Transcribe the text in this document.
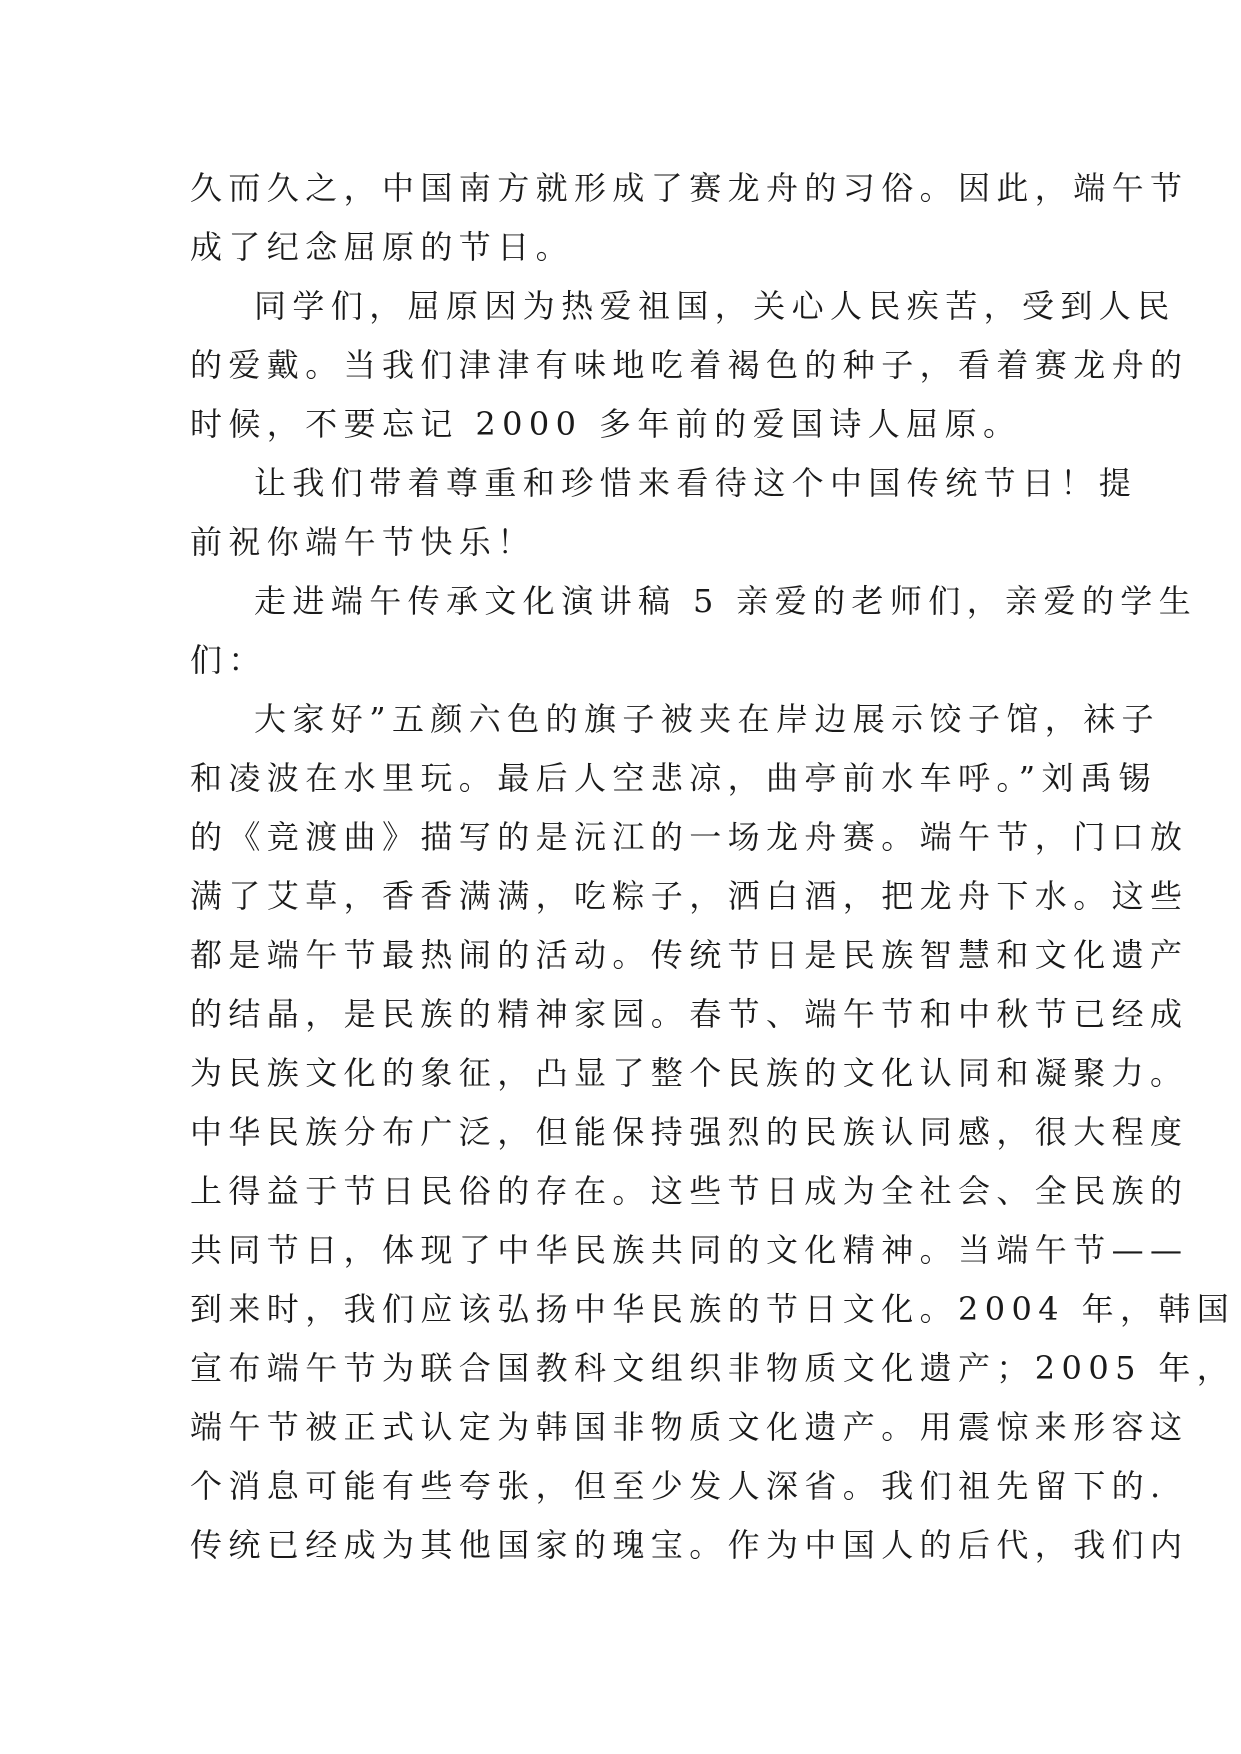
久而久之，中国南方就形成了赛龙舟的习俗。因此，端午节
成了纪念屈原的节日。
同学们，屈原因为热爱祖国，关心人民疾苦，受到人民
的爱戴。当我们津津有味地吃着褐色的种子，看着赛龙舟的
时候，不要忘记 2000 多年前的爱国诗人屈原。
让我们带着尊重和珍惜来看待这个中国传统节日！提
前祝你端午节快乐！
走进端午传承文化演讲稿 5 亲爱的老师们，亲爱的学生
们：
大家好”五颜六色的旗子被夹在岸边展示饺子馆，袜子
和凌波在水里玩。最后人空悲凉，曲亭前水车呼。”刘禹锡
的《竞渡曲》描写的是沅江的一场龙舟赛。端午节，门口放
满了艾草，香香满满，吃粽子，洒白酒，把龙舟下水。这些
都是端午节最热闹的活动。传统节日是民族智慧和文化遗产
的结晶，是民族的精神家园。春节、端午节和中秋节已经成
为民族文化的象征，凸显了整个民族的文化认同和凝聚力。
中华民族分布广泛，但能保持强烈的民族认同感，很大程度
上得益于节日民俗的存在。这些节日成为全社会、全民族的
共同节日，体现了中华民族共同的文化精神。当端午节——
到来时，我们应该弘扬中华民族的节日文化。2004 年，韩国
宣布端午节为联合国教科文组织非物质文化遗产；2005 年，
端午节被正式认定为韩国非物质文化遗产。用震惊来形容这
个消息可能有些夸张，但至少发人深省。我们祖先留下的.
传统已经成为其他国家的瑰宝。作为中国人的后代，我们内
